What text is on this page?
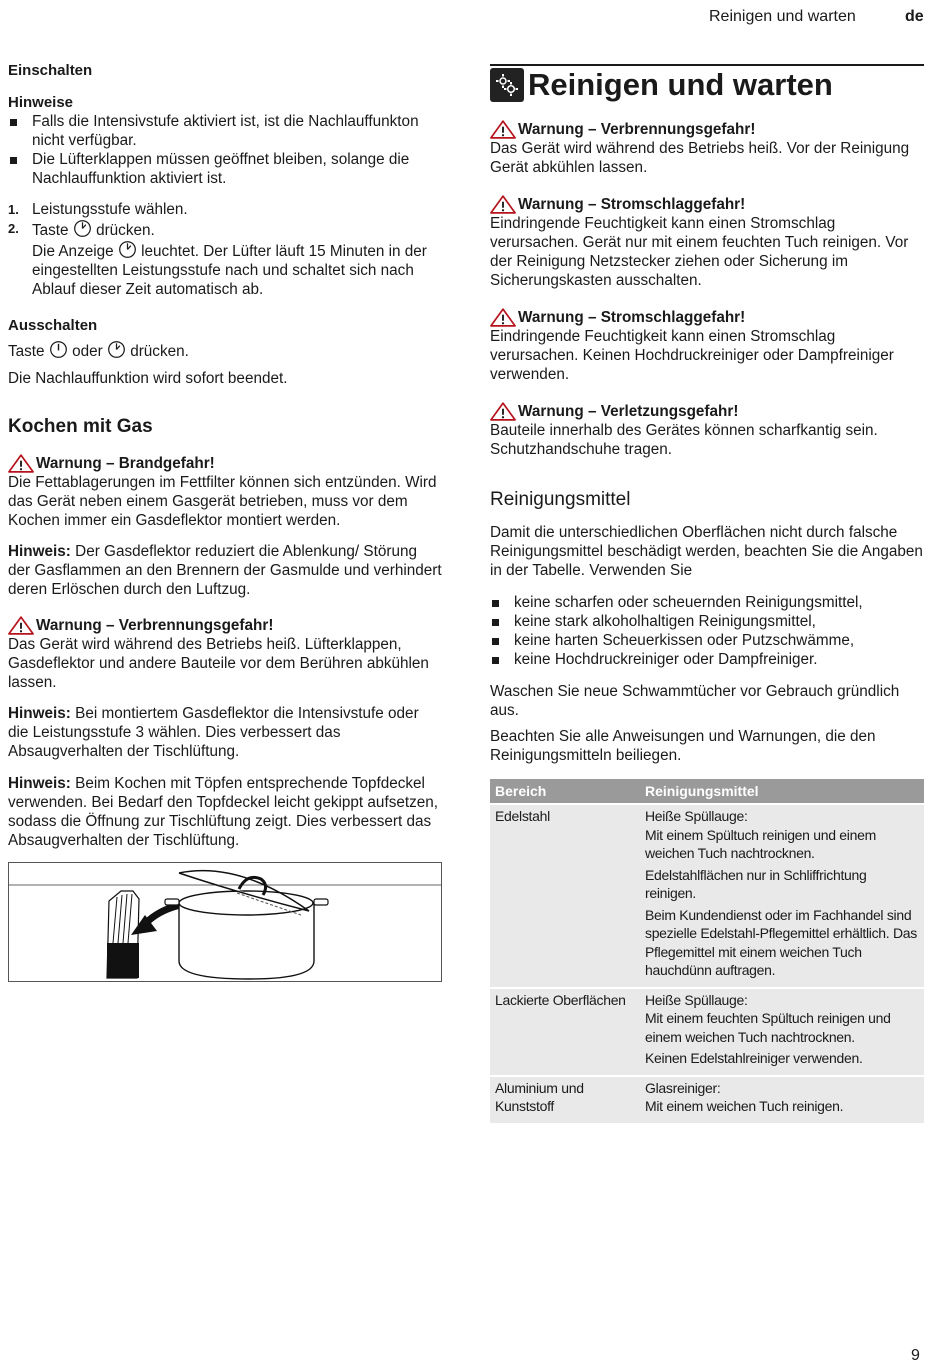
Reinigen und warten	de

Einschalten

Hinweise

Falls die Intensivstufe aktiviert ist, ist die Nachlauffunkton nicht verfügbar.
Die Lüfterklappen müssen geöffnet bleiben, solange die Nachlauffunktion aktiviert ist.
1. Leistungsstufe wählen.
2. Taste drücken.
Die Anzeige leuchtet. Der Lüfter läuft 15 Minuten in der eingestellten Leistungsstufe nach und schaltet sich nach Ablauf dieser Zeit automatisch ab.

Ausschalten

Taste oder drücken.

Die Nachlauffunktion wird sofort beendet.

Kochen mit Gas

Warnung – Brandgefahr!

Die Fettablagerungen im Fettfilter können sich entzünden. Wird das Gerät neben einem Gasgerät betrieben, muss vor dem Kochen immer ein Gasdeflektor montiert werden.

Hinweis: Der Gasdeflektor reduziert die Ablenkung/ Störung der Gasflammen an den Brennern der Gasmulde und verhindert deren Erlöschen durch den Luftzug.

Warnung – Verbrennungsgefahr!

Das Gerät wird während des Betriebs heiß. Lüfterklappen, Gasdeflektor und andere Bauteile vor dem Berühren abkühlen lassen.

Hinweis: Bei montiertem Gasdeflektor die Intensivstufe oder die Leistungsstufe 3 wählen. Dies verbessert das Absaugverhalten der Tischlüftung.

Hinweis: Beim Kochen mit Töpfen entsprechende Topfdeckel verwenden. Bei Bedarf den Topfdeckel leicht gekippt aufsetzen, sodass die Öffnung zur Tischlüftung zeigt. Dies verbessert das Absaugverhalten der Tischlüftung.

Reinigen und warten
Warnung – Verbrennungsgefahr!

Das Gerät wird während des Betriebs heiß. Vor der Reinigung Gerät abkühlen lassen.

Warnung – Stromschlaggefahr!

Eindringende Feuchtigkeit kann einen Stromschlag verursachen. Gerät nur mit einem feuchten Tuch reinigen. Vor der Reinigung Netzstecker ziehen oder Sicherung im Sicherungskasten ausschalten.

Warnung – Stromschlaggefahr!

Eindringende Feuchtigkeit kann einen Stromschlag verursachen. Keinen Hochdruckreiniger oder Dampfreiniger verwenden.

Warnung – Verletzungsgefahr!

Bauteile innerhalb des Gerätes können scharfkantig sein. Schutzhandschuhe tragen.

Reinigungsmittel

Damit die unterschiedlichen Oberflächen nicht durch falsche Reinigungsmittel beschädigt werden, beachten Sie die Angaben in der Tabelle. Verwenden Sie

keine scharfen oder scheuernden Reinigungsmittel,
keine stark alkoholhaltigen Reinigungsmittel,
keine harten Scheuerkissen oder Putzschwämme,
keine Hochdruckreiniger oder Dampfreiniger.

Waschen Sie neue Schwammtücher vor Gebrauch gründlich aus.

Beachten Sie alle Anweisungen und Warnungen, die den Reinigungsmitteln beiliegen.

Bereich	Reinigungsmittel
Edelstahl	Heiße Spüllauge:
Mit einem Spültuch reinigen und einem weichen Tuch nachtrocknen.

Edelstahlflächen nur in Schliffrichtung reinigen.

Beim Kundendienst oder im Fachhandel sind spezielle Edelstahl-Pflegemittel erhältlich. Das Pflegemittel mit einem weichen Tuch hauchdünn auftragen.

Lackierte Oberflächen	Heiße Spüllauge:
Mit einem feuchten Spültuch reinigen und einem weichen Tuch nachtrocknen.

Keinen Edelstahlreiniger verwenden.

Aluminium und Kunststoff	Glasreiniger:
Mit einem weichen Tuch reinigen.

9
